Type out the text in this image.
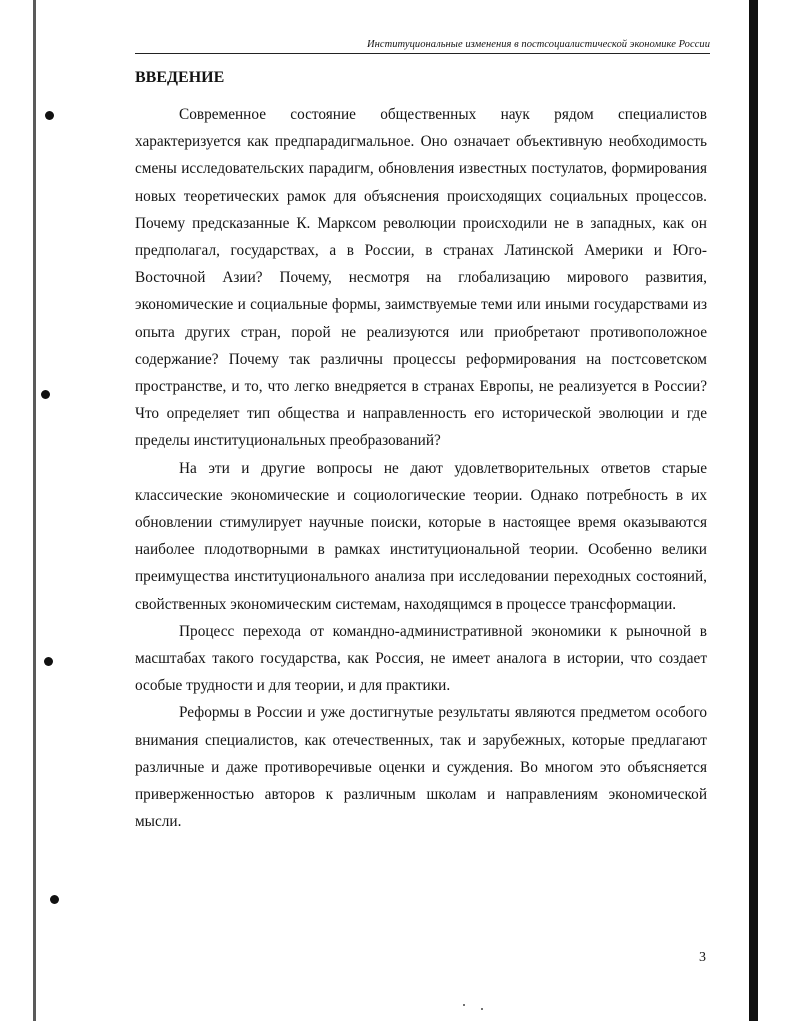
Институциональные изменения в постсоциалистической экономике России
ВВЕДЕНИЕ

Современное состояние общественных наук рядом специалистов характеризуется как предпарадигмальное. Оно означает объективную необходимость смены исследовательских парадигм, обновления известных постулатов, формирования новых теоретических рамок для объяснения происходящих социальных процессов. Почему предсказанные К. Марксом революции происходили не в западных, как он предполагал, государствах, а в России, в странах Латинской Америки и Юго-Восточной Азии? Почему, несмотря на глобализацию мирового развития, экономические и социальные формы, заимствуемые теми или иными государствами из опыта других стран, порой не реализуются или приобретают противоположное содержание? Почему так различны процессы реформирования на постсоветском пространстве, и то, что легко внедряется в странах Европы, не реализуется в России? Что определяет тип общества и направленность его исторической эволюции и где пределы институциональных преобразований?

На эти и другие вопросы не дают удовлетворительных ответов старые классические экономические и социологические теории. Однако потребность в их обновлении стимулирует научные поиски, которые в настоящее время оказываются наиболее плодотворными в рамках институциональной теории. Особенно велики преимущества институционального анализа при исследовании переходных состояний, свойственных экономическим системам, находящимся в процессе трансформации.

Процесс перехода от командно-административной экономики к рыночной в масштабах такого государства, как Россия, не имеет аналога в истории, что создает особые трудности и для теории, и для практики.

Реформы в России и уже достигнутые результаты являются предметом особого внимания специалистов, как отечественных, так и зарубежных, которые предлагают различные и даже противоречивые оценки и суждения. Во многом это объясняется приверженностью авторов к различным школам и направлениям экономической мысли.

3
